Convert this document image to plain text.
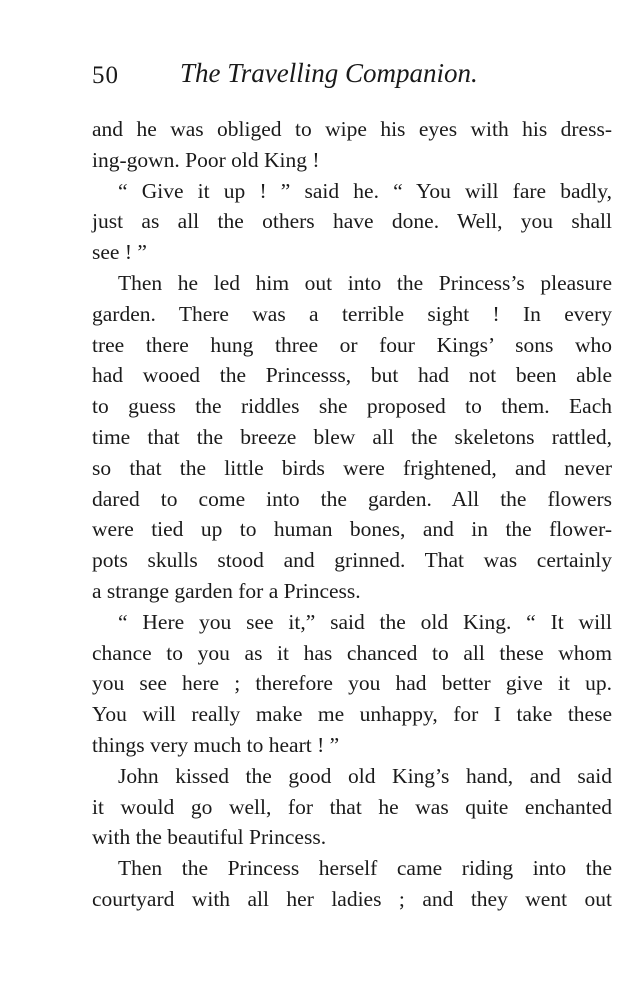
50 The Travelling Companion.
and he was obliged to wipe his eyes with his dress-
ing-gown. Poor old King !
“ Give it up ! ” said he. “ You will fare badly,
just as all the others have done. Well, you shall
see ! ”
Then he led him out into the Princess’s pleasure
garden. There was a terrible sight ! In every
tree there hung three or four Kings’ sons who
had wooed the Princesss, but had not been able
to guess the riddles she proposed to them. Each
time that the breeze blew all the skeletons rattled,
so that the little birds were frightened, and never
dared to come into the garden. All the flowers
were tied up to human bones, and in the flower-
pots skulls stood and grinned. That was certainly
a strange garden for a Princess.
“ Here you see it,” said the old King. “ It will
chance to you as it has chanced to all these whom
you see here ; therefore you had better give it up.
You will really make me unhappy, for I take these
things very much to heart ! ”
John kissed the good old King’s hand, and said
it would go well, for that he was quite enchanted
with the beautiful Princess.
Then the Princess herself came riding into the
courtyard with all her ladies ; and they went out
